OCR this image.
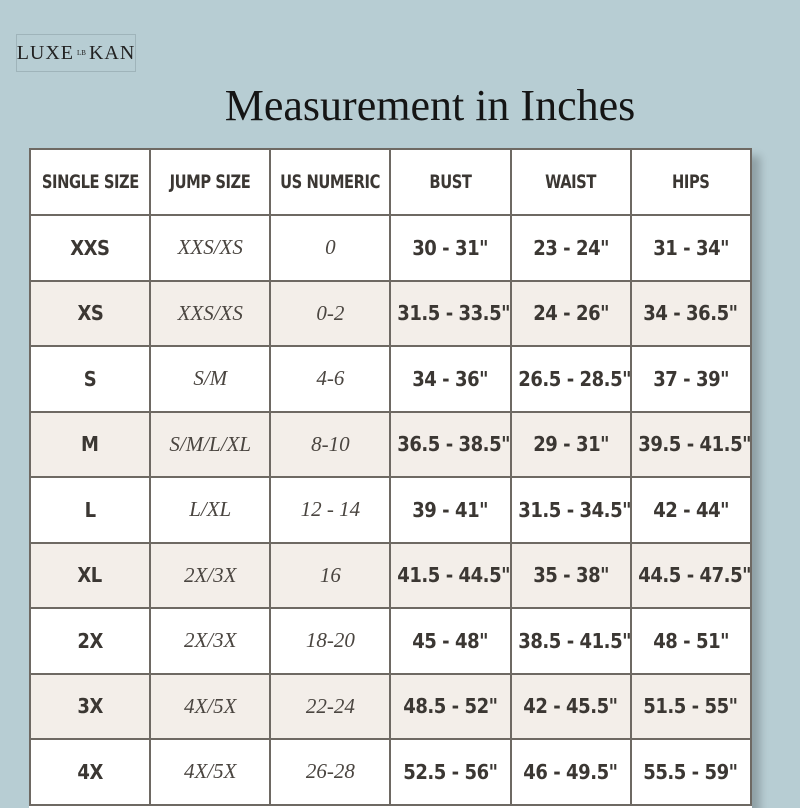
LUXE LB KAN
Measurement in Inches
SINGLE SIZE	JUMP SIZE	US NUMERIC	BUST	WAIST	HIPS
XXS	XXS/XS	0	30 - 31"	23 - 24"	31 - 34"
XS	XXS/XS	0-2	31.5 - 33.5"	24 - 26"	34 - 36.5"
S	S/M	4-6	34 - 36"	26.5 - 28.5"	37 - 39"
M	S/M/L/XL	8-10	36.5 - 38.5"	29 - 31"	39.5 - 41.5"
L	L/XL	12 - 14	39 - 41"	31.5 - 34.5"	42 - 44"
XL	2X/3X	16	41.5 - 44.5"	35 - 38"	44.5 - 47.5"
2X	2X/3X	18-20	45 - 48"	38.5 - 41.5"	48 - 51"
3X	4X/5X	22-24	48.5 - 52"	42 - 45.5"	51.5 - 55"
4X	4X/5X	26-28	52.5 - 56"	46 - 49.5"	55.5 - 59"
